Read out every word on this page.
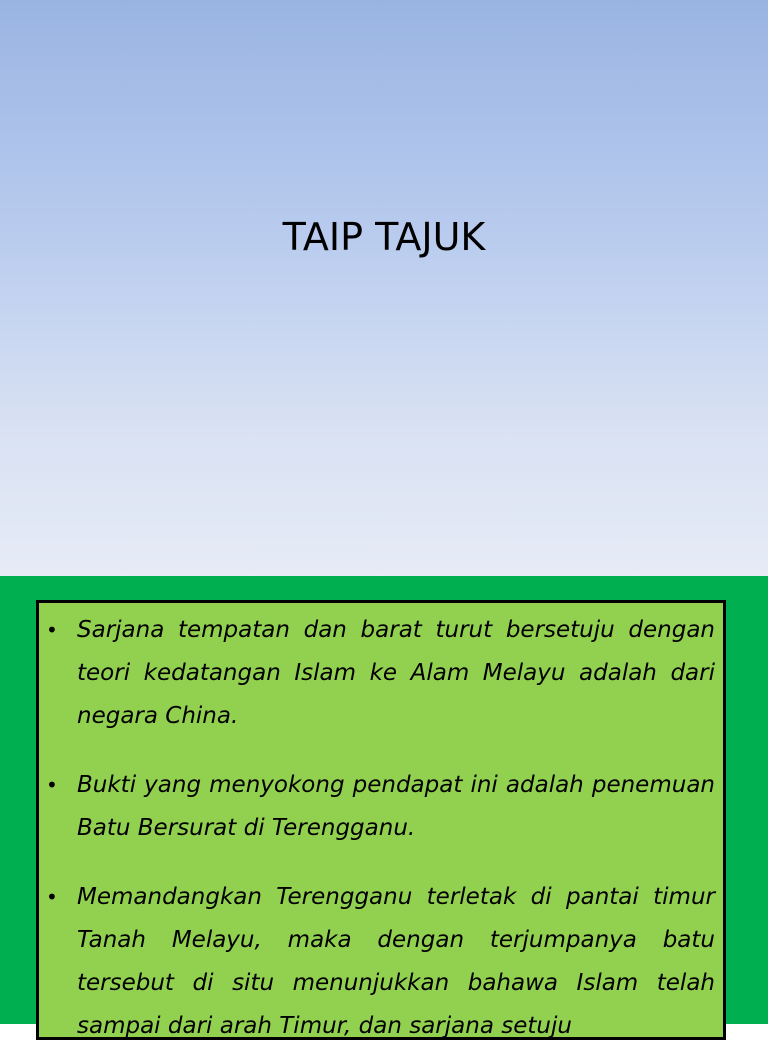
TAIP TAJUK
• Sarjana tempatan dan barat turut bersetuju dengan teori kedatangan Islam ke Alam Melayu adalah dari negara China.
• Bukti yang menyokong pendapat ini adalah penemuan Batu Bersurat di Terengganu.
• Memandangkan Terengganu terletak di pantai timur Tanah Melayu, maka dengan terjumpanya batu tersebut di situ menunjukkan bahawa Islam telah sampai dari arah Timur, dan sarjana setuju
